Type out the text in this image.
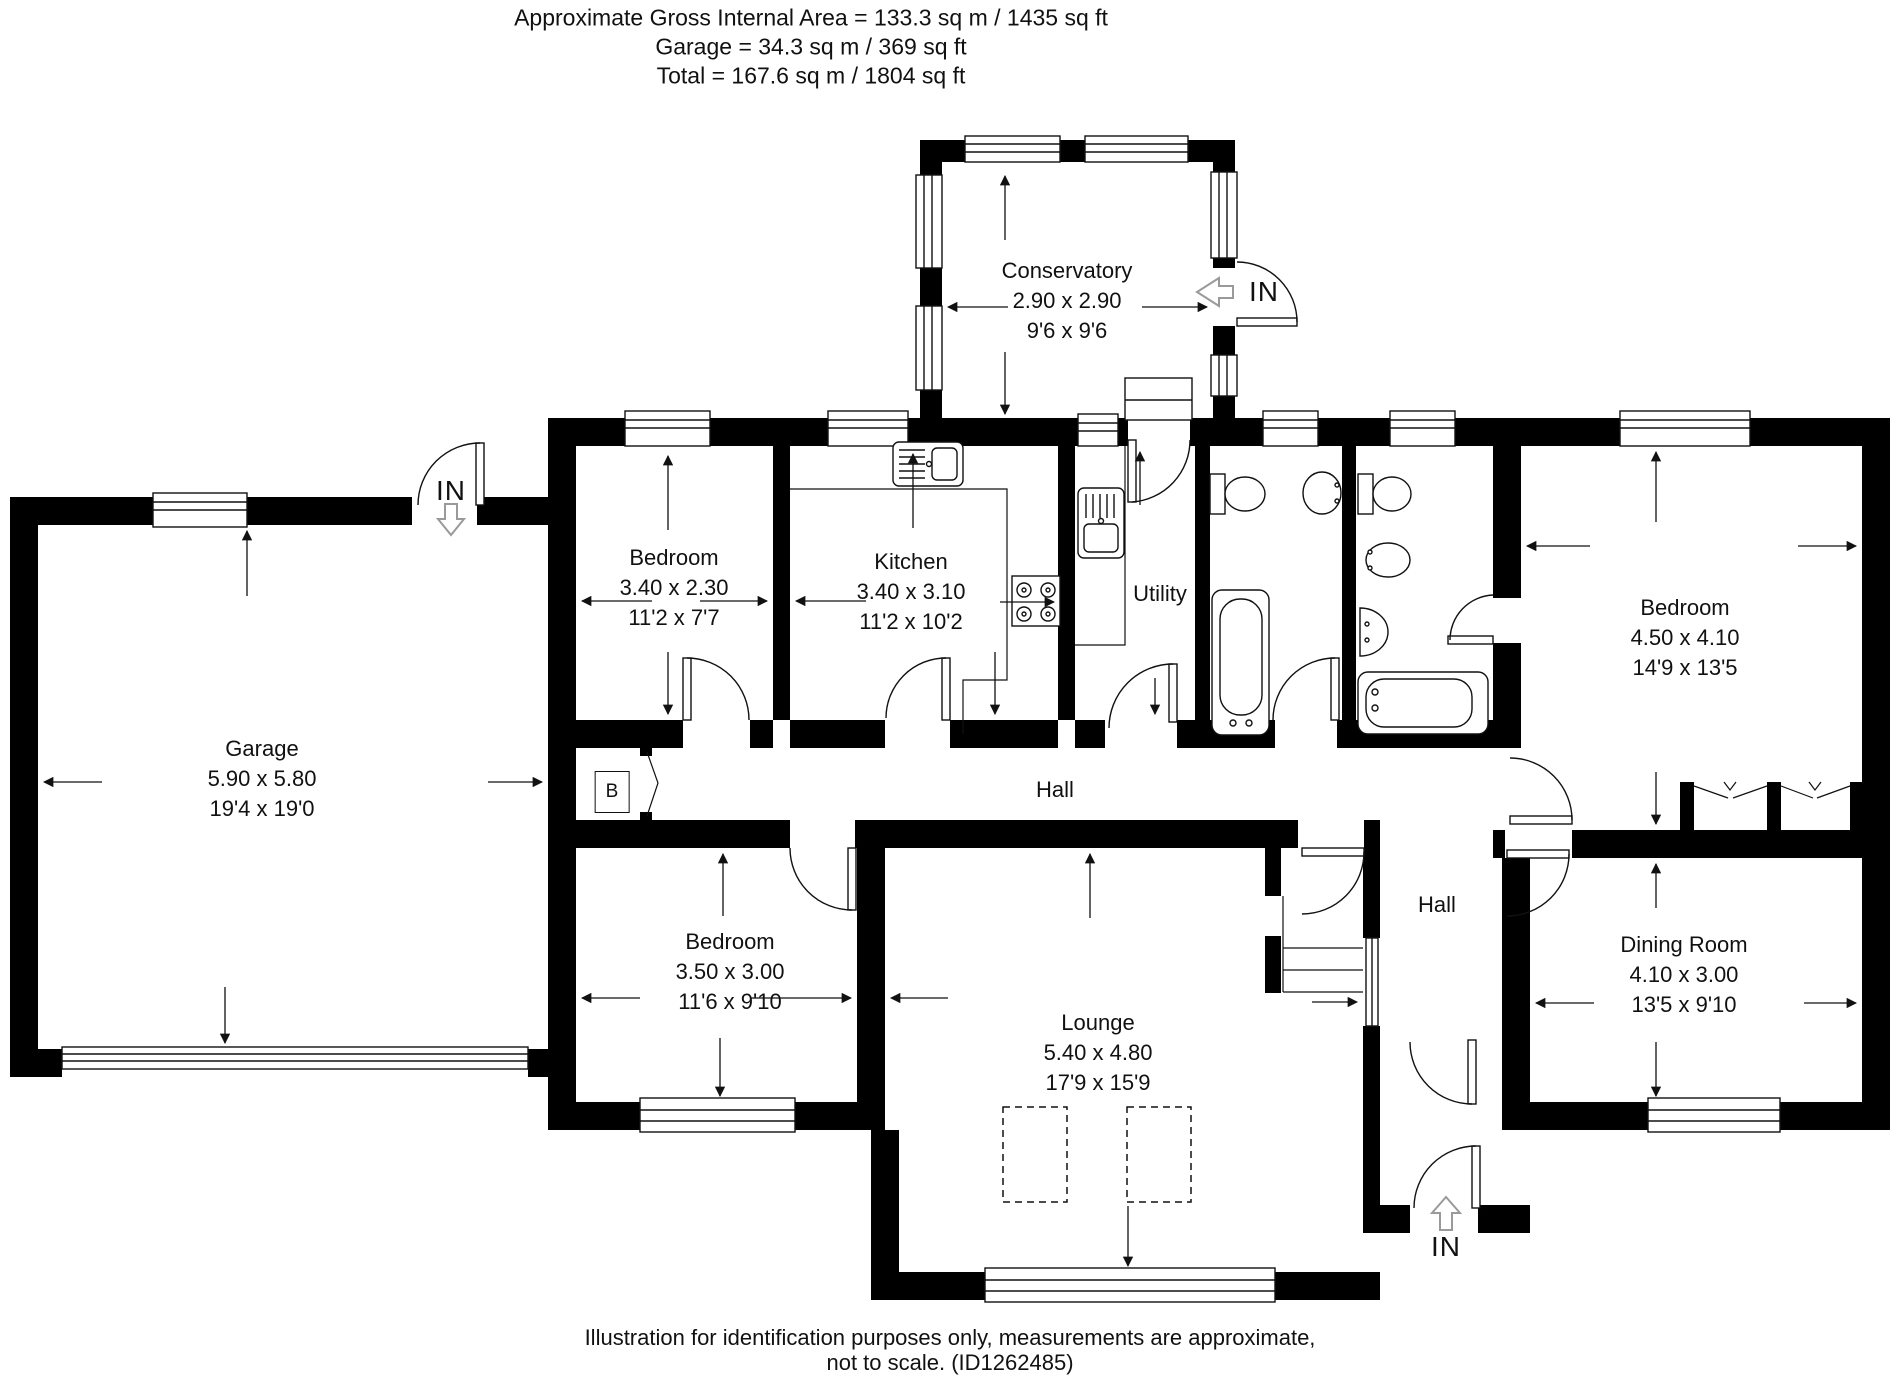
Approximate Gross Internal Area = 133.3 sq m / 1435 sq ft
Garage = 34.3 sq m / 369 sq ft
Total = 167.6 sq m / 1804 sq ft
Conservatory
2.90 x 2.90
9'6 x 9'6
Bedroom
3.40 x 2.30
11'2 x 7'7
Kitchen
3.40 x 3.10
11'2 x 10'2
Utility
Bedroom
4.50 x 4.10
14'9 x 13'5
Garage
5.90 x 5.80
19'4 x 19'0
Hall
Bedroom
3.50 x 3.00
11'6 x 9'10
Lounge
5.40 x 4.80
17'9 x 15'9
Hall
Dining Room
4.10 x 3.00
13'5 x 9'10
IN
IN
IN
B
Illustration for identification purposes only, measurements are approximate,
not to scale. (ID1262485)
